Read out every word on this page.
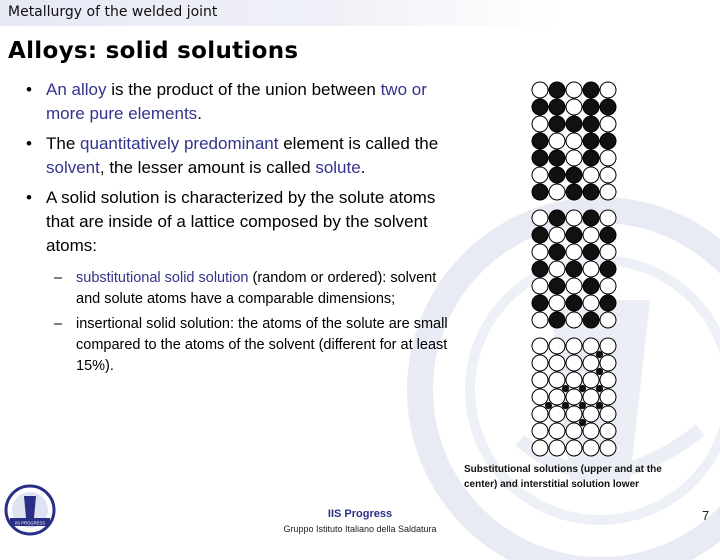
Metallurgy of the welded joint
Alloys: solid solutions
• An alloy is the product of the union between two or more pure elements.
• The quantitatively predominant element is called the solvent, the lesser amount is called solute.
• A solid solution is characterized by the solute atoms that are inside of a lattice composed by the solvent atoms:
– substitutional solid solution (random or ordered): solvent and solute atoms have a comparable dimensions;
– insertional solid solution: the atoms of the solute are small compared to the atoms of the solvent (different for at least 15%).
Substitutional solutions (upper and at the center) and interstitial solution lower
IIS PROGRESS
IIS Progress
Gruppo Istituto Italiano della Saldatura
7
